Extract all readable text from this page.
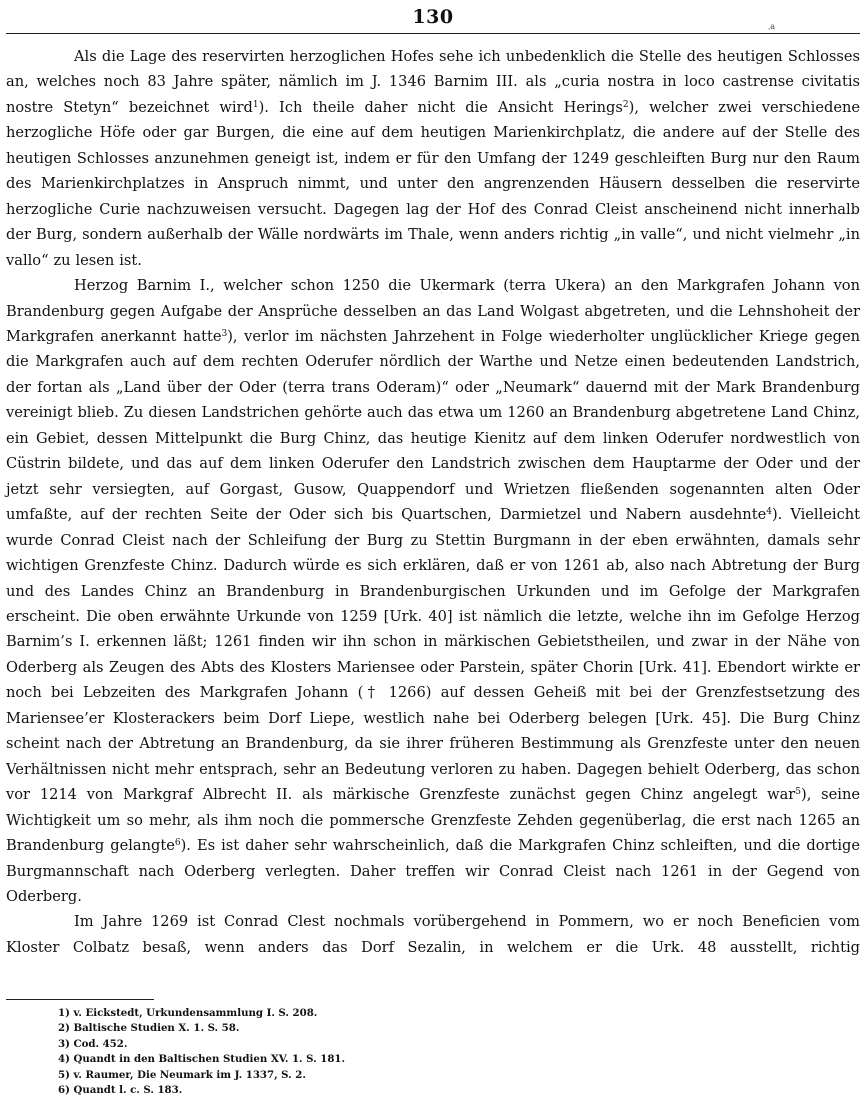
130	ˌa

Als die Lage des reservirten herzoglichen Hofes sehe ich unbedenklich die Stelle des heutigen Schlosses an, welches noch 83 Jahre später, nämlich im J. 1346 Barnim III. als „curia nostra in loco castrense civitatis nostre Stetyn“ bezeichnet wird$^1$). Ich theile daher nicht die Ansicht Herings$^2$), welcher zwei verschiedene herzogliche Höfe oder gar Burgen, die eine auf dem heutigen Marienkirchplatz, die andere auf der Stelle des heutigen Schlosses anzunehmen geneigt ist, indem er für den Umfang der 1249 geschleiften Burg nur den Raum des Marienkirchplatzes in Anspruch nimmt, und unter den angrenzenden Häusern desselben die reservirte herzogliche Curie nachzuweisen versucht. Dagegen lag der Hof des Conrad Cleist anscheinend nicht innerhalb der Burg, sondern außerhalb der Wälle nordwärts im Thale, wenn anders richtig „in valle“, und nicht vielmehr „in vallo“ zu lesen ist.

Herzog Barnim I., welcher schon 1250 die Ukermark (terra Ukera) an den Markgrafen Johann von Brandenburg gegen Aufgabe der Ansprüche desselben an das Land Wolgast abgetreten, und die Lehnshoheit der Markgrafen anerkannt hatte$^3$), verlor im nächsten Jahrzehent in Folge wiederholter unglücklicher Kriege gegen die Markgrafen auch auf dem rechten Oderufer nördlich der Warthe und Netze einen bedeutenden Landstrich, der fortan als „Land über der Oder (terra trans Oderam)“ oder „Neumark“ dauernd mit der Mark Brandenburg vereinigt blieb. Zu diesen Landstrichen gehörte auch das etwa um 1260 an Brandenburg abgetretene Land Chinz, ein Gebiet, dessen Mittelpunkt die Burg Chinz, das heutige Kienitz auf dem linken Oderufer nordwestlich von Cüstrin bildete, und das auf dem linken Oderufer den Landstrich zwischen dem Hauptarme der Oder und der jetzt sehr versiegten, auf Gorgast, Gusow, Quappendorf und Wrietzen fließenden sogenannten alten Oder umfaßte, auf der rechten Seite der Oder sich bis Quartschen, Darmietzel und Nabern ausdehnte$^4$). Vielleicht wurde Conrad Cleist nach der Schleifung der Burg zu Stettin Burgmann in der eben erwähnten, damals sehr wichtigen Grenzfeste Chinz. Dadurch würde es sich erklären, daß er von 1261 ab, also nach Abtretung der Burg und des Landes Chinz an Brandenburg in Brandenburgischen Urkunden und im Gefolge der Markgrafen erscheint. Die oben erwähnte Urkunde von 1259 [Urk. 40] ist nämlich die letzte, welche ihn im Gefolge Herzog Barnim’s I. erkennen läßt; 1261 finden wir ihn schon in märkischen Gebietstheilen, und zwar in der Nähe von Oderberg als Zeugen des Abts des Klosters Mariensee oder Parstein, später Chorin [Urk. 41]. Ebendort wirkte er noch bei Lebzeiten des Markgrafen Johann († 1266) auf dessen Geheiß mit bei der Grenzfestsetzung des Mariensee’er Klosterackers beim Dorf Liepe, westlich nahe bei Oderberg belegen [Urk. 45]. Die Burg Chinz scheint nach der Abtretung an Brandenburg, da sie ihrer früheren Bestimmung als Grenzfeste unter den neuen Verhältnissen nicht mehr entsprach, sehr an Bedeutung verloren zu haben. Dagegen behielt Oderberg, das schon vor 1214 von Markgraf Albrecht II. als märkische Grenzfeste zunächst gegen Chinz angelegt war$^5$), seine Wichtigkeit um so mehr, als ihm noch die pommersche Grenzfeste Zehden gegenüberlag, die erst nach 1265 an Brandenburg gelangte$^6$). Es ist daher sehr wahrscheinlich, daß die Markgrafen Chinz schleiften, und die dortige Burgmannschaft nach Oderberg verlegten. Daher treffen wir Conrad Cleist nach 1261 in der Gegend von Oderberg.

Im Jahre 1269 ist Conrad Clest nochmals vorübergehend in Pommern, wo er noch Beneficien vom Kloster Colbatz besaß, wenn anders das Dorf Sezalin, in welchem er die Urk. 48 ausstellt, richtig

1) v. Eickstedt, Urkundensammlung I. S. 208.
2) Baltische Studien X. 1. S. 58.
3) Cod. 452.
4) Quandt in den Baltischen Studien XV. 1. S. 181.
5) v. Raumer, Die Neumark im J. 1337, S. 2.
6) Quandt l. c. S. 183.
